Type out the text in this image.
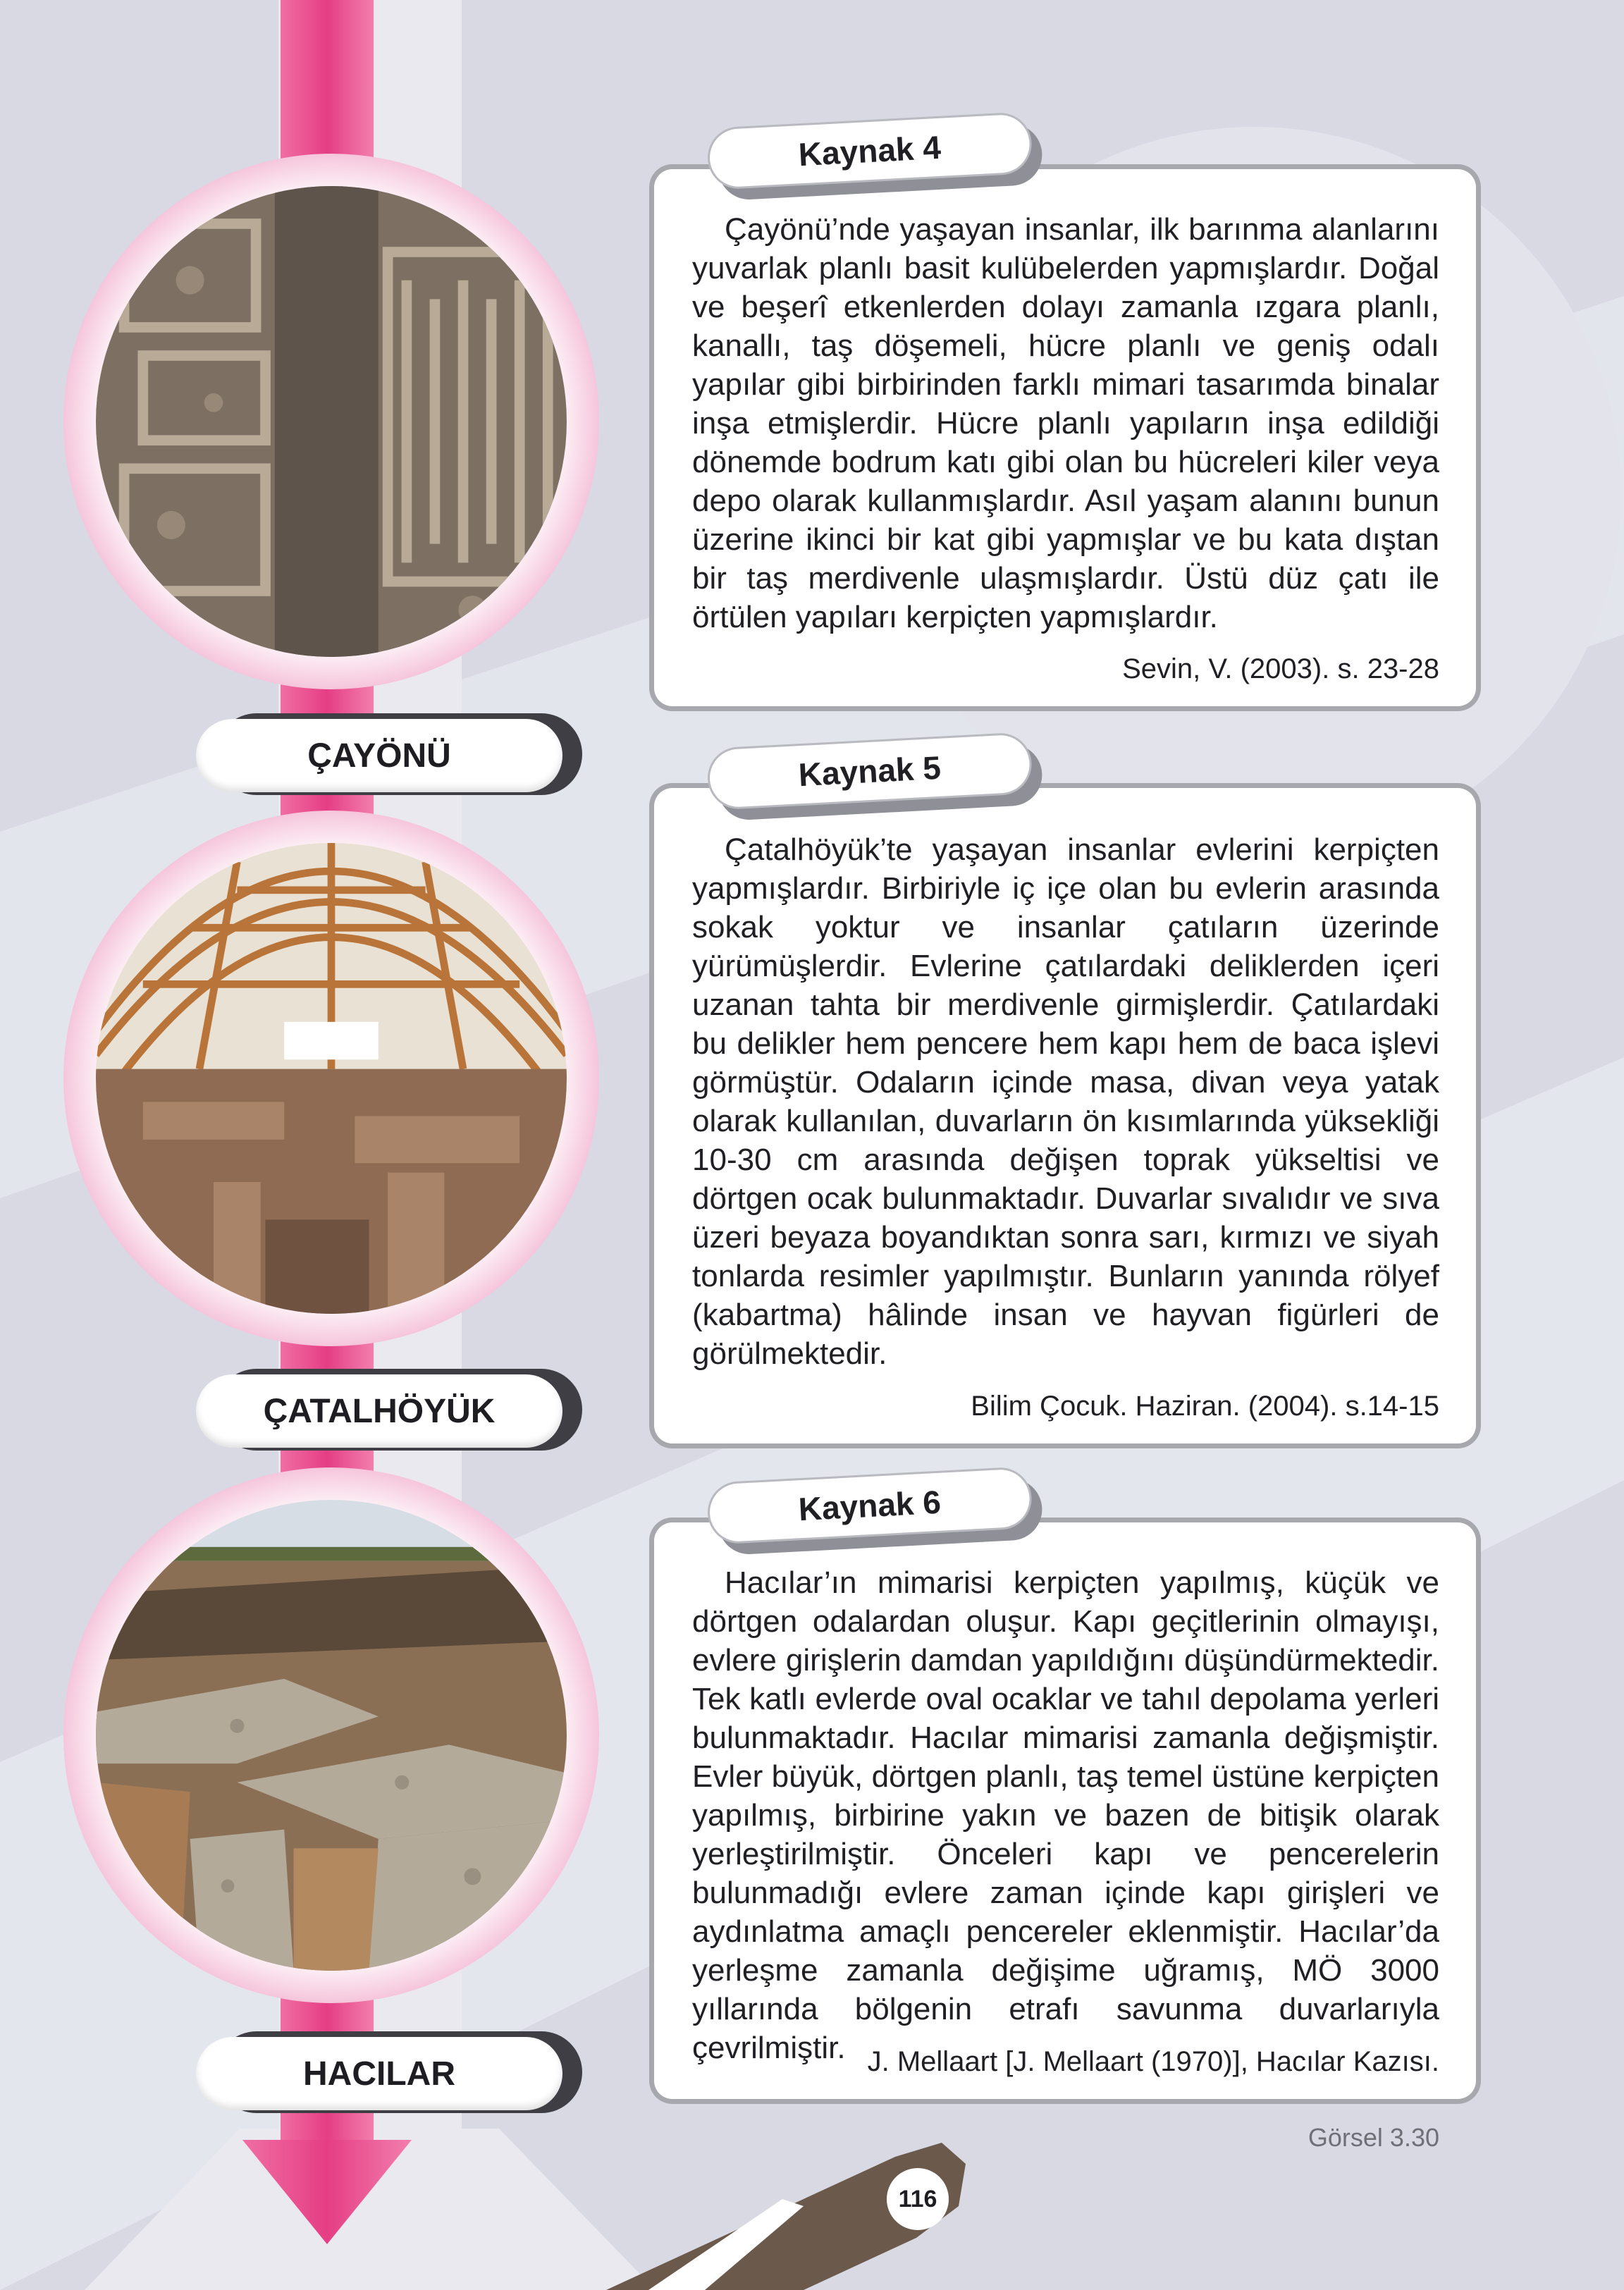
ÇAYÖNÜ
ÇATALHÖYÜK
HACILAR

Çayönü’nde yaşayan insanlar, ilk barınma alanlarını yuvarlak planlı basit kulübelerden yapmışlardır. Doğal ve beşerî etkenlerden dolayı zamanla ızgara planlı, kanallı, taş döşemeli, hücre planlı ve geniş odalı yapılar gibi birbirinden farklı mimari tasarımda binalar inşa etmişlerdir. Hücre planlı yapıların inşa edildiği dönemde bodrum katı gibi olan bu hücreleri kiler veya depo olarak kullanmışlardır. Asıl yaşam alanını bunun üzerine ikinci bir kat gibi yapmışlar ve bu kata dıştan bir taş merdivenle ulaşmışlardır. Üstü düz çatı ile örtülen yapıları kerpiçten yapmışlardır.

Sevin, V. (2003). s. 23-28
Kaynak 4

Çatalhöyük’te yaşayan insanlar evlerini kerpiçten yapmışlardır. Birbiriyle iç içe olan bu evlerin arasında sokak yoktur ve insanlar çatıların üzerinde yürümüşlerdir. Evlerine çatılardaki deliklerden içeri uzanan tahta bir merdivenle girmişlerdir. Çatılardaki bu delikler hem pencere hem kapı hem de baca işlevi görmüştür. Odaların içinde masa, divan veya yatak olarak kullanılan, duvarların ön kısımlarında yüksekliği 10-30 cm arasında değişen toprak yükseltisi ve dörtgen ocak bulunmaktadır. Duvarlar sıvalıdır ve sıva üzeri beyaza boyandıktan sonra sarı, kırmızı ve siyah tonlarda resimler yapılmıştır. Bunların yanında rölyef (kabartma) hâlinde insan ve hayvan figürleri de görülmektedir.

Bilim Çocuk. Haziran. (2004). s.14-15
Kaynak 5

Hacılar’ın mimarisi kerpiçten yapılmış, küçük ve dörtgen odalardan oluşur. Kapı geçitlerinin olmayışı, evlere girişlerin damdan yapıldığını düşündürmektedir. Tek katlı evlerde oval ocaklar ve tahıl depolama yerleri bulunmaktadır. Hacılar mimarisi zamanla değişmiştir. Evler büyük, dörtgen planlı, taş temel üstüne kerpiçten yapılmış, birbirine yakın ve bazen de bitişik olarak yerleştirilmiştir. Önceleri kapı ve pencerelerin bulunmadığı evlere zaman içinde kapı girişleri ve aydınlatma amaçlı pencereler eklenmiştir. Hacılar’da yerleşme zamanla değişime uğramış, MÖ 3000 yıllarında bölgenin etrafı savunma duvarlarıyla çevrilmiştir. J. Mellaart [J. Mellaart (1970)], Hacılar Kazısı.
Kaynak 6
Görsel 3.30
116
